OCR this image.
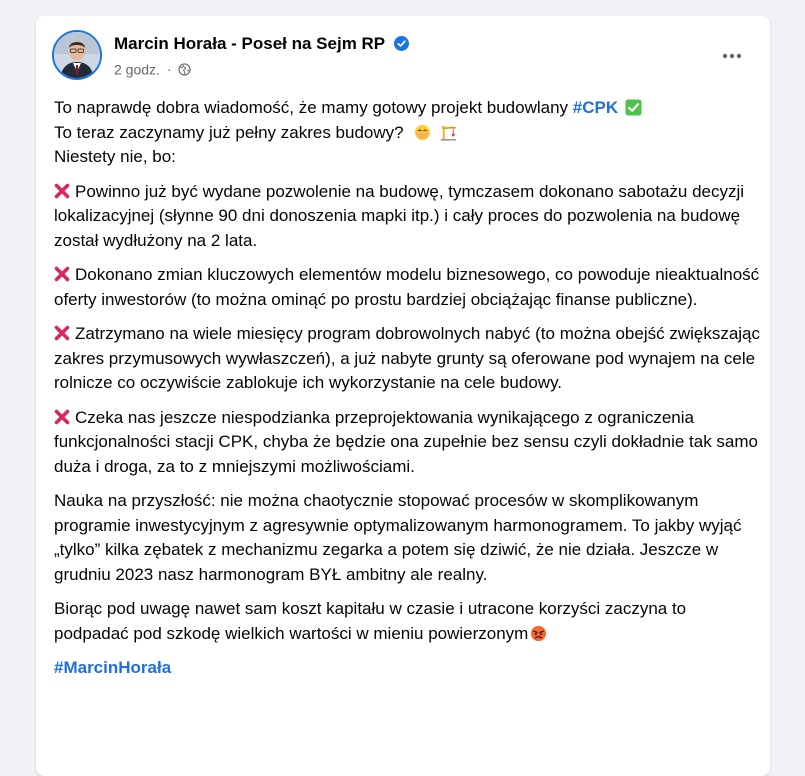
Marcin Horała - Poseł na Sejm RP
2 godz. ·
To naprawdę dobra wiadomość, że mamy gotowy projekt budowlany #CPK
To teraz zaczynamy już pełny zakres budowy?
Niestety nie, bo:
Powinno już być wydane pozwolenie na budowę, tymczasem dokonano sabotażu decyzji lokalizacyjnej (słynne 90 dni donoszenia mapki itp.) i cały proces do pozwolenia na budowę został wydłużony na 2 lata.
Dokonano zmian kluczowych elementów modelu biznesowego, co powoduje nieaktualność oferty inwestorów (to można ominąć po prostu bardziej obciążając finanse publiczne).
Zatrzymano na wiele miesięcy program dobrowolnych nabyć (to można obejść zwiększając zakres przymusowych wywłaszczeń), a już nabyte grunty są oferowane pod wynajem na cele rolnicze co oczywiście zablokuje ich wykorzystanie na cele budowy.
Czeka nas jeszcze niespodzianka przeprojektowania wynikającego z ograniczenia funkcjonalności stacji CPK, chyba że będzie ona zupełnie bez sensu czyli dokładnie tak samo duża i droga, za to z mniejszymi możliwościami.
Nauka na przyszłość: nie można chaotycznie stopować procesów w skomplikowanym programie inwestycyjnym z agresywnie optymalizowanym harmonogramem. To jakby wyjąć „tylko” kilka zębatek z mechanizmu zegarka a potem się dziwić, że nie działa. Jeszcze w grudniu 2023 nasz harmonogram BYŁ ambitny ale realny.
Biorąc pod uwagę nawet sam koszt kapitału w czasie i utracone korzyści zaczyna to podpadać pod szkodę wielkich wartości w mieniu powierzonym
#MarcinHorała
